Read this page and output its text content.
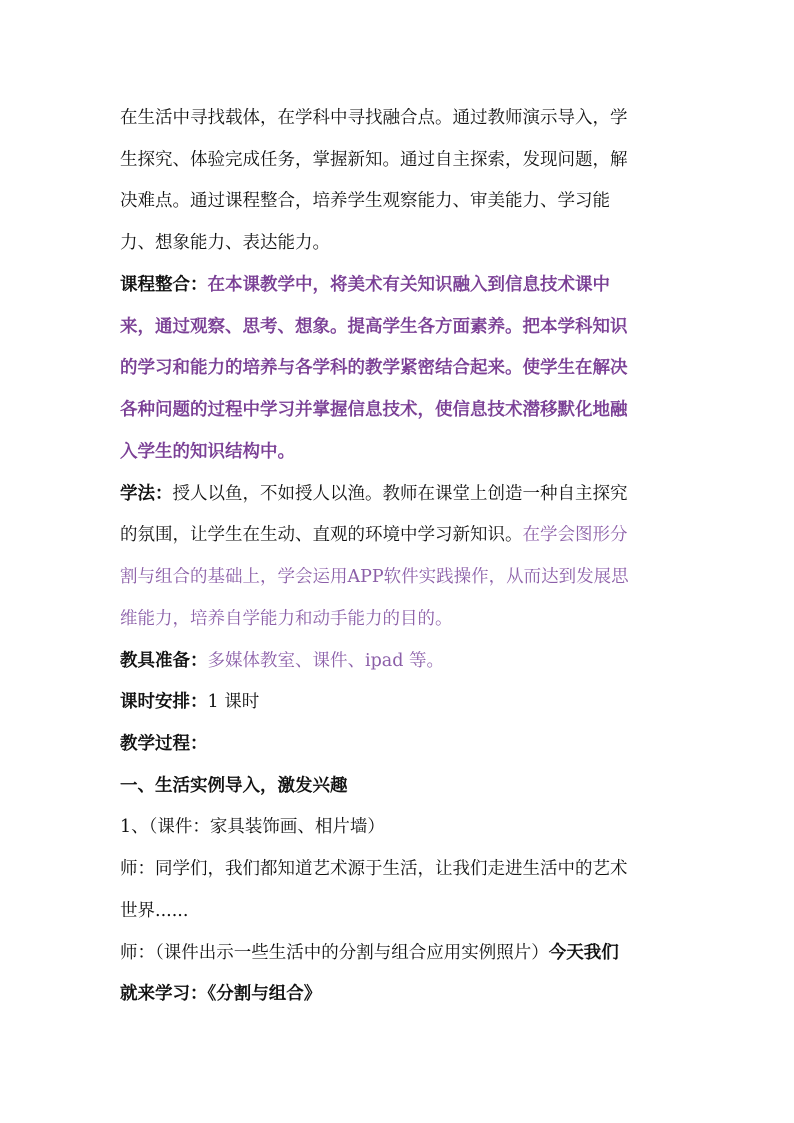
在生活中寻找载体，在学科中寻找融合点。通过教师演示导入，学
生探究、体验完成任务，掌握新知。通过自主探索，发现问题，解
决难点。通过课程整合，培养学生观察能力、审美能力、学习能
力、想象能力、表达能力。
课程整合：在本课教学中，将美术有关知识融入到信息技术课中
来，通过观察、思考、想象。提高学生各方面素养。把本学科知识
的学习和能力的培养与各学科的教学紧密结合起来。使学生在解决
各种问题的过程中学习并掌握信息技术，使信息技术潜移默化地融
入学生的知识结构中。
学法：授人以鱼，不如授人以渔。教师在课堂上创造一种自主探究
的氛围，让学生在生动、直观的环境中学习新知识。在学会图形分
割与组合的基础上，学会运用APP软件实践操作，从而达到发展思
维能力，培养自学能力和动手能力的目的。
教具准备：多媒体教室、课件、ipad 等。
课时安排：1 课时
教学过程：
一、生活实例导入，激发兴趣
1、（课件：家具装饰画、相片墙）
师：同学们，我们都知道艺术源于生活，让我们走进生活中的艺术
世界......
师：（课件出示一些生活中的分割与组合应用实例照片）今天我们
就来学习：《分割与组合》
